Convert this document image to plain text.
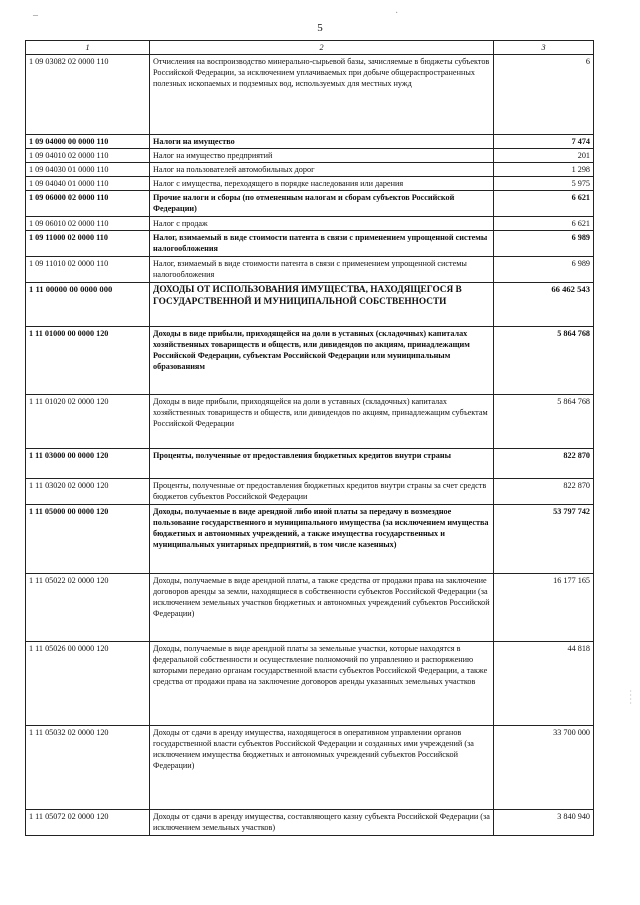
–	·
5
·
·
·
·
1	2	3
1 09 03082 02 0000 110	Отчисления на воспроизводство минерально-сырьевой базы, зачисляемые в бюджеты субъектов Российской Федерации, за исключением уплачиваемых при добыче общераспространенных полезных ископаемых и подземных вод, используемых для местных нужд	6
1 09 04000 00 0000 110	Налоги на имущество	7 474
1 09 04010 02 0000 110	Налог на имущество предприятий	201
1 09 04030 01 0000 110	Налог на пользователей автомобильных дорог	1 298
1 09 04040 01 0000 110	Налог с имущества, переходящего в порядке наследования или дарения	5 975
1 09 06000 02 0000 110	Прочие налоги и сборы (по отмененным налогам и сборам субъектов Российской Федерации)	6 621
1 09 06010 02 0000 110	Налог с продаж	6 621
1 09 11000 02 0000 110	Налог, взимаемый в виде стоимости патента в связи с применением упрощенной системы налогообложения	6 989
1 09 11010 02 0000 110	Налог, взимаемый в виде стоимости патента в связи с применением упрощенной системы налогообложения	6 989
1 11 00000 00 0000 000	ДОХОДЫ ОТ ИСПОЛЬЗОВАНИЯ ИМУЩЕСТВА, НАХОДЯЩЕГОСЯ В ГОСУДАРСТВЕННОЙ И МУНИЦИПАЛЬНОЙ СОБСТВЕННОСТИ	66 462 543
1 11 01000 00 0000 120	Доходы в виде прибыли, приходящейся на доли в уставных (складочных) капиталах хозяйственных товариществ и обществ, или дивидендов по акциям, принадлежащим Российской Федерации, субъектам Российской Федерации или муниципальным образованиям	5 864 768
1 11 01020 02 0000 120	Доходы в виде прибыли, приходящейся на доли в уставных (складочных) капиталах хозяйственных товариществ и обществ, или дивидендов по акциям, принадлежащим субъектам Российской Федерации	5 864 768
1 11 03000 00 0000 120	Проценты, полученные от предоставления бюджетных кредитов внутри страны	822 870
1 11 03020 02 0000 120	Проценты, полученные от предоставления бюджетных кредитов внутри страны за счет средств бюджетов субъектов Российской Федерации	822 870
1 11 05000 00 0000 120	Доходы, получаемые в виде арендной либо иной платы за передачу в возмездное пользование государственного и муниципального имущества (за исключением имущества бюджетных и автономных учреждений, а также имущества государственных и муниципальных унитарных предприятий, в том числе казенных)	53 797 742
1 11 05022 02 0000 120	Доходы, получаемые в виде арендной платы, а также средства от продажи права на заключение договоров аренды за земли, находящиеся в собственности субъектов Российской Федерации (за исключением земельных участков бюджетных и автономных учреждений субъектов Российской Федерации)	16 177 165
1 11 05026 00 0000 120	Доходы, получаемые в виде арендной платы за земельные участки, которые находятся в федеральной собственности и осуществление полномочий по управлению и распоряжению которыми передано органам государственной власти субъектов Российской Федерации, а также средства от продажи права на заключение договоров аренды указанных земельных участков	44 818
1 11 05032 02 0000 120	Доходы от сдачи в аренду имущества, находящегося в оперативном управлении органов государственной власти субъектов Российской Федерации и созданных ими учреждений (за исключением имущества бюджетных и автономных учреждений субъектов Российской Федерации)	33 700 000
1 11 05072 02 0000 120	Доходы от сдачи в аренду имущества, составляющего казну субъекта Российской Федерации (за исключением земельных участков)	3 840 940
